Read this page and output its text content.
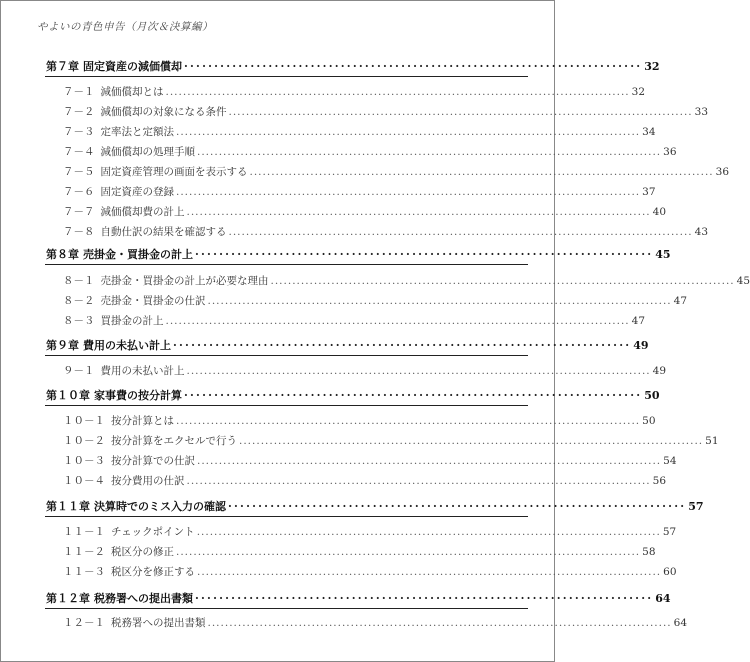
やよいの青色申告（月次＆決算編）
第７章 固定資産の減価償却 ············································································ 32
７－１ 減価償却とは ........................................................................................................... 32
７－２ 減価償却の対象になる条件 ........................................................................................................... 33
７－３ 定率法と定額法 ........................................................................................................... 34
７－４ 減価償却の処理手順 ........................................................................................................... 36
７－５ 固定資産管理の画面を表示する ........................................................................................................... 36
７－６ 固定資産の登録 ........................................................................................................... 37
７－７ 減価償却費の計上 ........................................................................................................... 40
７－８ 自動仕訳の結果を確認する ........................................................................................................... 43
第８章 売掛金・買掛金の計上 ············································································ 45
８－１ 売掛金・買掛金の計上が必要な理由 ........................................................................................................... 45
８－２ 売掛金・買掛金の仕訳 ........................................................................................................... 47
８－３ 買掛金の計上 ........................................................................................................... 47
第９章 費用の未払い計上 ············································································ 49
９－１ 費用の未払い計上 ........................................................................................................... 49
第１０章 家事費の按分計算 ············································································ 50
１０－１ 按分計算とは ........................................................................................................... 50
１０－２ 按分計算をエクセルで行う ........................................................................................................... 51
１０－３ 按分計算での仕訳 ........................................................................................................... 54
１０－４ 按分費用の仕訳 ........................................................................................................... 56
第１１章 決算時でのミス入力の確認 ············································································ 57
１１－１ チェックポイント ........................................................................................................... 57
１１－２ 税区分の修正 ........................................................................................................... 58
１１－３ 税区分を修正する ........................................................................................................... 60
第１２章 税務署への提出書類 ············································································ 64
１２－１ 税務署への提出書類 ........................................................................................................... 64
